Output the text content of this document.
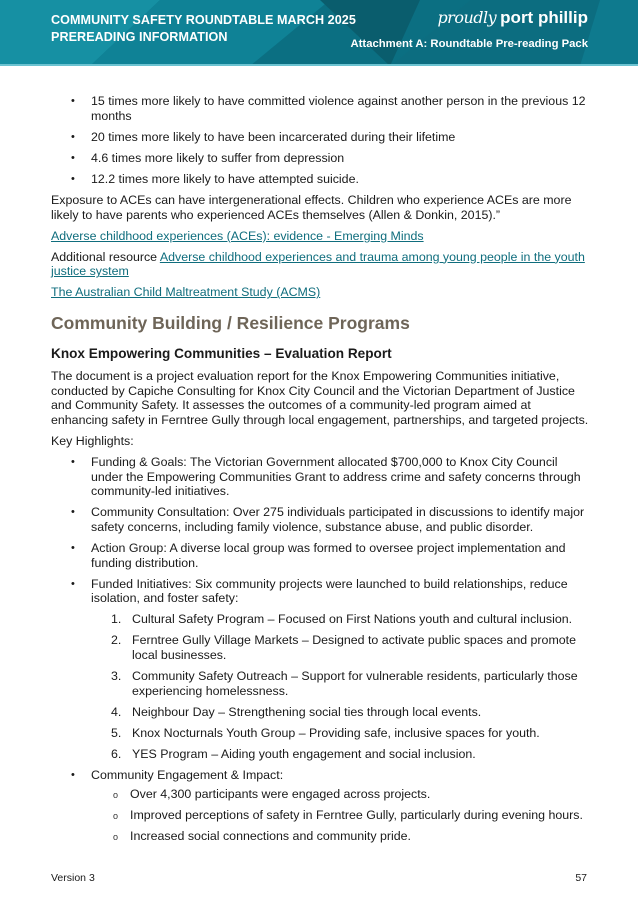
COMMUNITY SAFETY ROUNDTABLE MARCH 2025
PREREADING INFORMATION
proudly port phillip
Attachment A: Roundtable Pre-reading Pack
• 15 times more likely to have committed violence against another person in the previous 12 months
• 20 times more likely to have been incarcerated during their lifetime
• 4.6 times more likely to suffer from depression
• 12.2 times more likely to have attempted suicide.

Exposure to ACEs can have intergenerational effects. Children who experience ACEs are more likely to have parents who experienced ACEs themselves (Allen & Donkin, 2015).”

Adverse childhood experiences (ACEs): evidence - Emerging Minds

Additional resource Adverse childhood experiences and trauma among young people in the youth justice system

The Australian Child Maltreatment Study (ACMS)

Community Building / Resilience Programs
Knox Empowering Communities – Evaluation Report

The document is a project evaluation report for the Knox Empowering Communities initiative, conducted by Capiche Consulting for Knox City Council and the Victorian Department of Justice and Community Safety. It assesses the outcomes of a community-led program aimed at enhancing safety in Ferntree Gully through local engagement, partnerships, and targeted projects.

Key Highlights:

• Funding & Goals: The Victorian Government allocated $700,000 to Knox City Council under the Empowering Communities Grant to address crime and safety concerns through community-led initiatives.
• Community Consultation: Over 275 individuals participated in discussions to identify major safety concerns, including family violence, substance abuse, and public disorder.
• Action Group: A diverse local group was formed to oversee project implementation and funding distribution.
• Funded Initiatives: Six community projects were launched to build relationships, reduce isolation, and foster safety:
1. Cultural Safety Program – Focused on First Nations youth and cultural inclusion.
2. Ferntree Gully Village Markets – Designed to activate public spaces and promote local businesses.
3. Community Safety Outreach – Support for vulnerable residents, particularly those experiencing homelessness.
4. Neighbour Day – Strengthening social ties through local events.
5. Knox Nocturnals Youth Group – Providing safe, inclusive spaces for youth.
6. YES Program – Aiding youth engagement and social inclusion.
• Community Engagement & Impact:
o Over 4,300 participants were engaged across projects.
o Improved perceptions of safety in Ferntree Gully, particularly during evening hours.
o Increased social connections and community pride.
Version 3	57
